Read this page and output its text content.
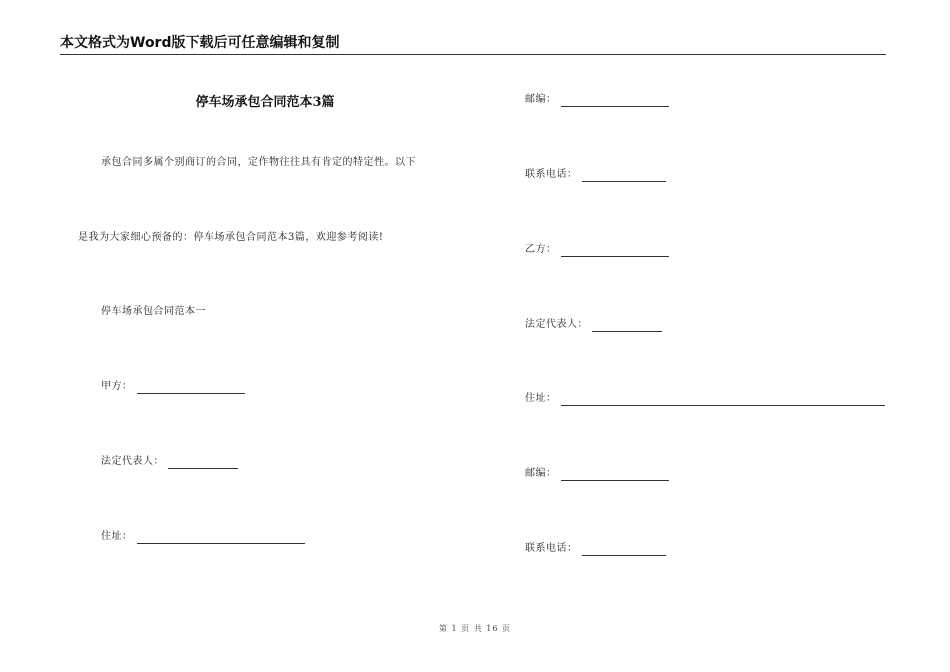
本文格式为Word版下载后可任意编辑和复制
停车场承包合同范本3篇
承包合同多属个别商订的合同，定作物往往具有肯定的特定性。以下
是我为大家细心预备的：停车场承包合同范本3篇，欢迎参考阅读!
停车场承包合同范本一
甲方：
法定代表人：
住址：
邮编：
联系电话：
乙方：
法定代表人：
住址：
邮编：
联系电话：
第 1 页 共 16 页
